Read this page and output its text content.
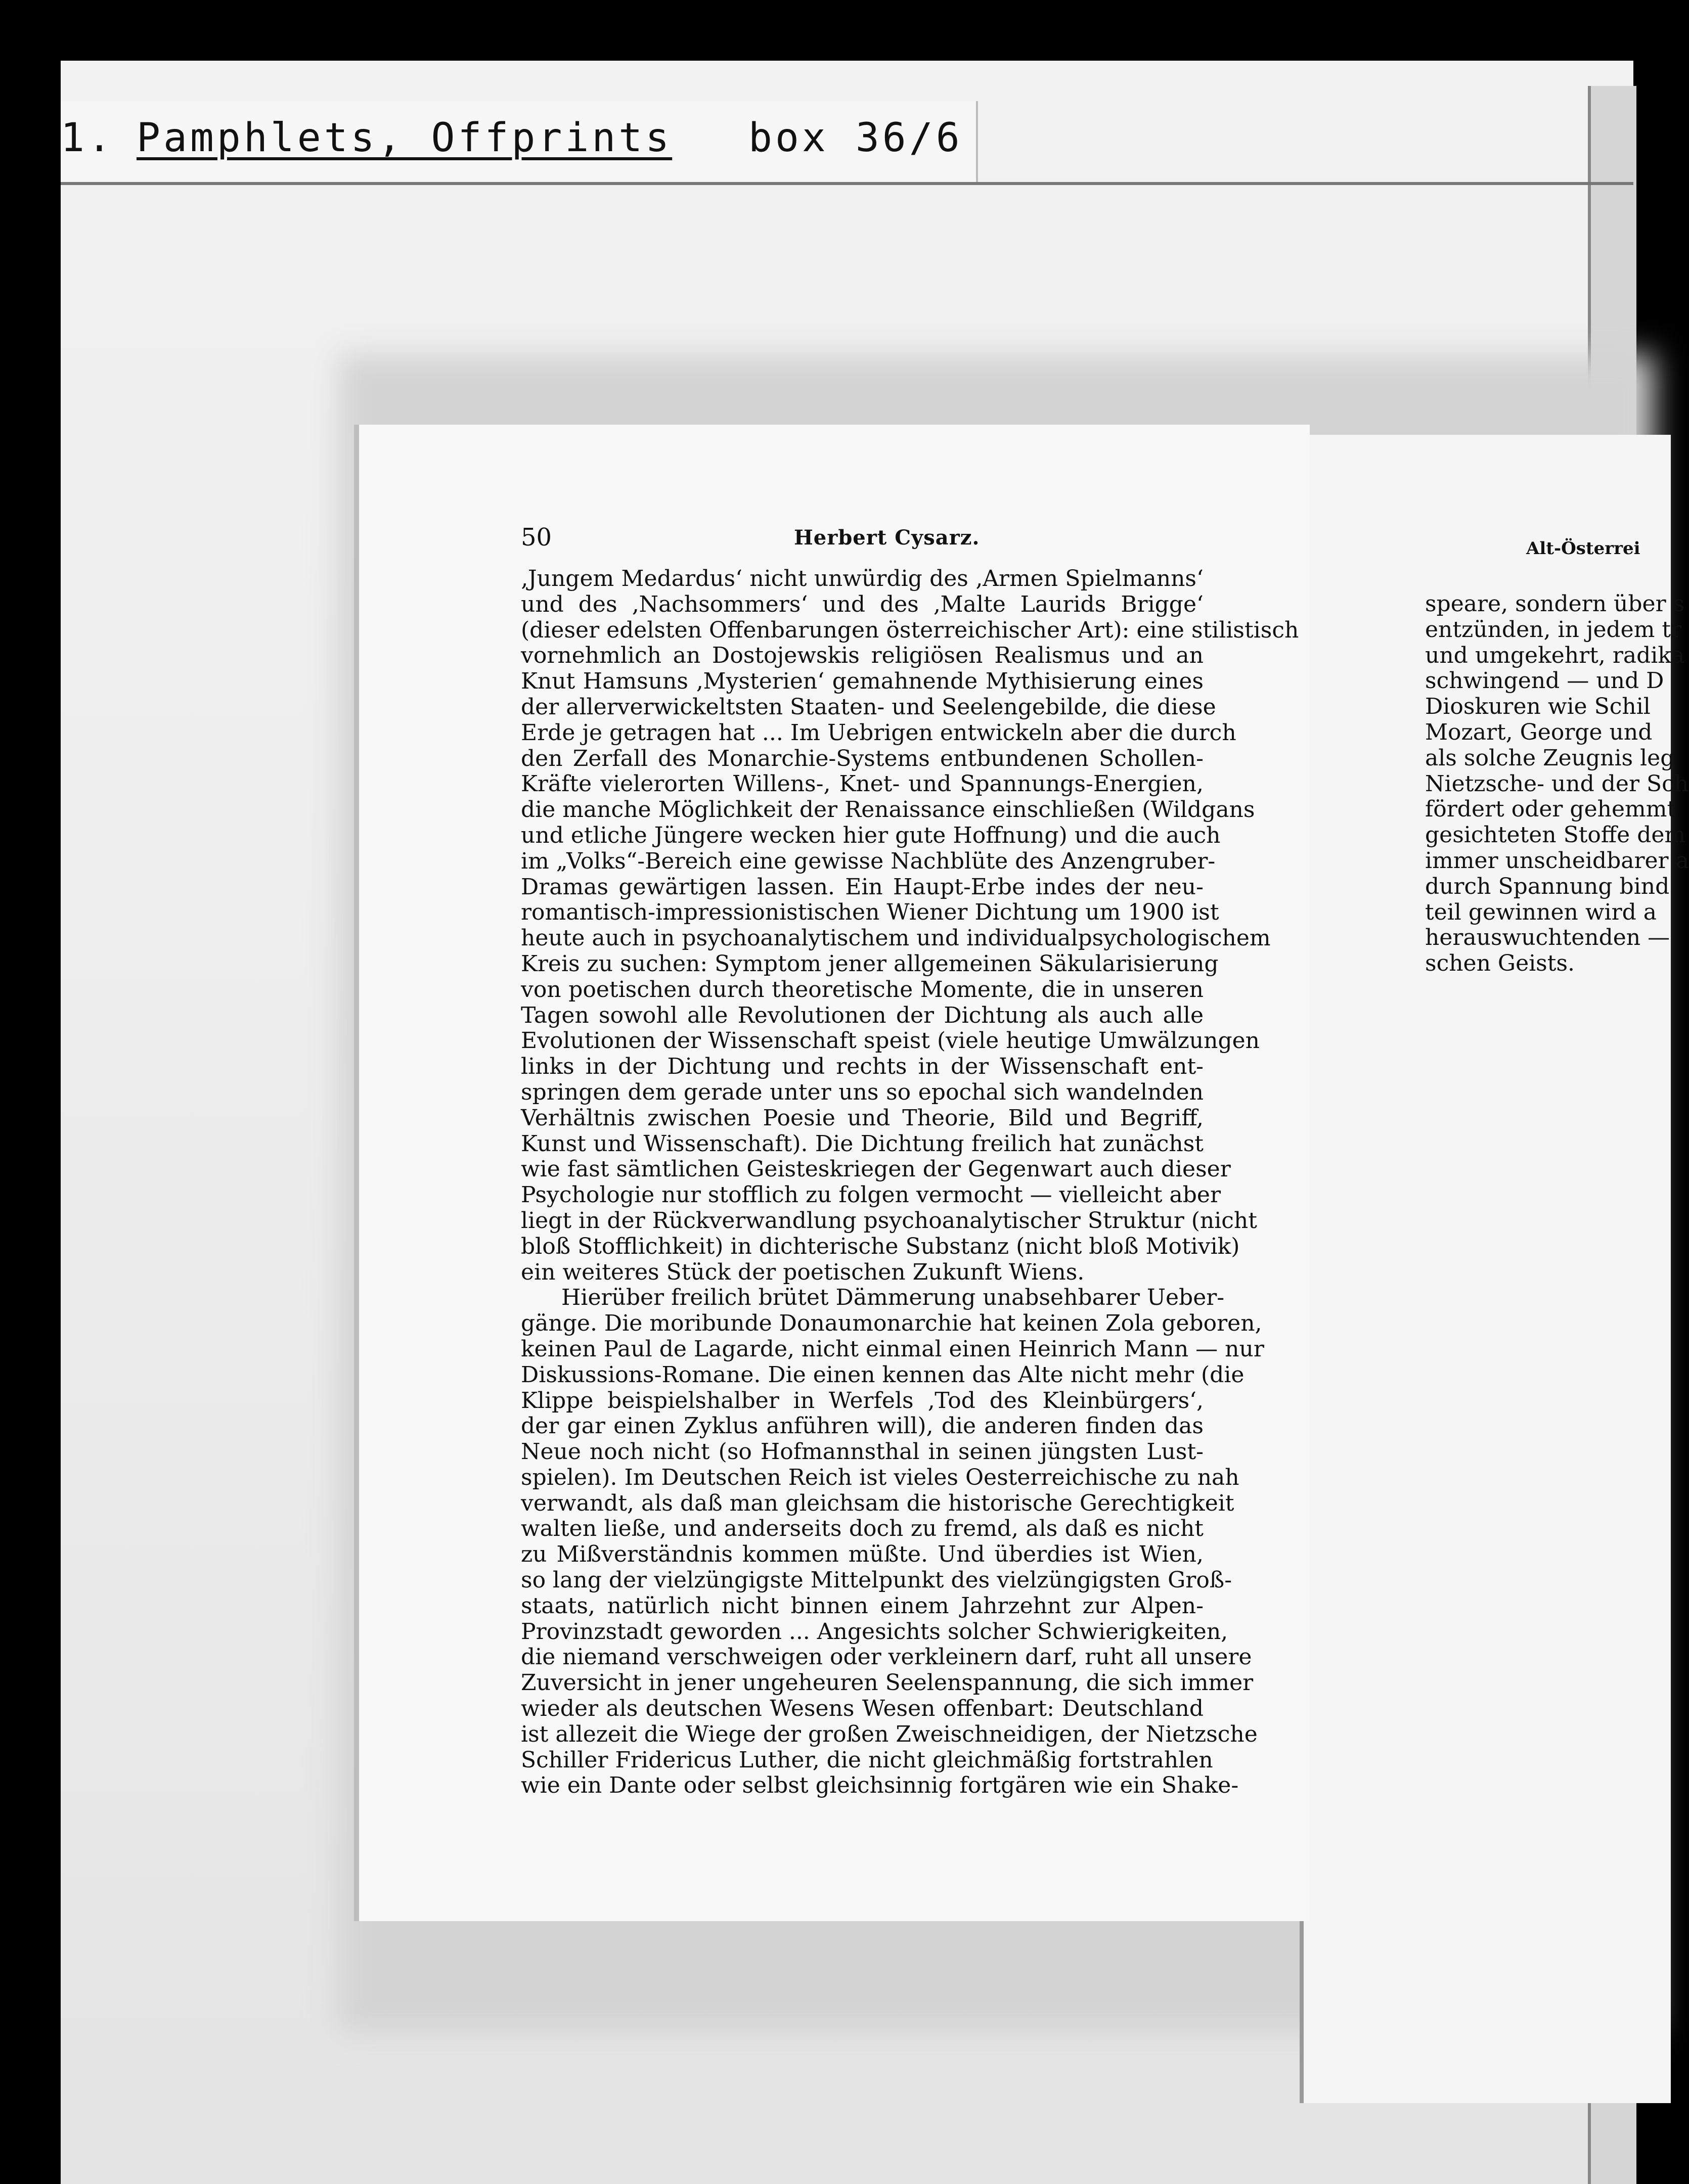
1. Pamphlets, Offprints box 36/6
Alt-Österrei
speare, sondern über s
entzünden, in jedem tr
und umgekehrt, radika
schwingend — und D
Dioskuren wie Schil
Mozart, George und
als solche Zeugnis leg
Nietzsche- und der Sch
fördert oder gehemmt
gesichteten Stoffe dem
immer unscheidbarer a
durch Spannung bind
teil gewinnen wird a
herauswuchtenden —
schen Geists.
50	Herbert Cysarz.
‚Jungem Medardus‘ nicht unwürdig des ‚Armen Spielmanns‘
und des ‚Nachsommers‘ und des ‚Malte Laurids Brigge‘
(dieser edelsten Offenbarungen österreichischer Art): eine stilistisch
vornehmlich an Dostojewskis religiösen Realismus und an
Knut Hamsuns ‚Mysterien‘ gemahnende Mythisierung eines
der allerverwickeltsten Staaten- und Seelengebilde, die diese
Erde je getragen hat ... Im Uebrigen entwickeln aber die durch
den Zerfall des Monarchie-Systems entbundenen Schollen-
Kräfte vielerorten Willens-, Knet- und Spannungs-Energien,
die manche Möglichkeit der Renaissance einschließen (Wildgans
und etliche Jüngere wecken hier gute Hoffnung) und die auch
im „Volks“-Bereich eine gewisse Nachblüte des Anzengruber-
Dramas gewärtigen lassen. Ein Haupt-Erbe indes der neu-
romantisch-impressionistischen Wiener Dichtung um 1900 ist
heute auch in psychoanalytischem und individualpsychologischem
Kreis zu suchen: Symptom jener allgemeinen Säkularisierung
von poetischen durch theoretische Momente, die in unseren
Tagen sowohl alle Revolutionen der Dichtung als auch alle
Evolutionen der Wissenschaft speist (viele heutige Umwälzungen
links in der Dichtung und rechts in der Wissenschaft ent-
springen dem gerade unter uns so epochal sich wandelnden
Verhältnis zwischen Poesie und Theorie, Bild und Begriff,
Kunst und Wissenschaft). Die Dichtung freilich hat zunächst
wie fast sämtlichen Geisteskriegen der Gegenwart auch dieser
Psychologie nur stofflich zu folgen vermocht — vielleicht aber
liegt in der Rückverwandlung psychoanalytischer Struktur (nicht
bloß Stofflichkeit) in dichterische Substanz (nicht bloß Motivik)
ein weiteres Stück der poetischen Zukunft Wiens.
Hierüber freilich brütet Dämmerung unabsehbarer Ueber-
gänge. Die moribunde Donaumonarchie hat keinen Zola geboren,
keinen Paul de Lagarde, nicht einmal einen Heinrich Mann — nur
Diskussions-Romane. Die einen kennen das Alte nicht mehr (die
Klippe beispielshalber in Werfels ‚Tod des Kleinbürgers‘,
der gar einen Zyklus anführen will), die anderen finden das
Neue noch nicht (so Hofmannsthal in seinen jüngsten Lust-
spielen). Im Deutschen Reich ist vieles Oesterreichische zu nah
verwandt, als daß man gleichsam die historische Gerechtigkeit
walten ließe, und anderseits doch zu fremd, als daß es nicht
zu Mißverständnis kommen müßte. Und überdies ist Wien,
so lang der vielzüngigste Mittelpunkt des vielzüngigsten Groß-
staats, natürlich nicht binnen einem Jahrzehnt zur Alpen-
Provinzstadt geworden ... Angesichts solcher Schwierigkeiten,
die niemand verschweigen oder verkleinern darf, ruht all unsere
Zuversicht in jener ungeheuren Seelenspannung, die sich immer
wieder als deutschen Wesens Wesen offenbart: Deutschland
ist allezeit die Wiege der großen Zweischneidigen, der Nietzsche
Schiller Fridericus Luther, die nicht gleichmäßig fortstrahlen
wie ein Dante oder selbst gleichsinnig fortgären wie ein Shake-
